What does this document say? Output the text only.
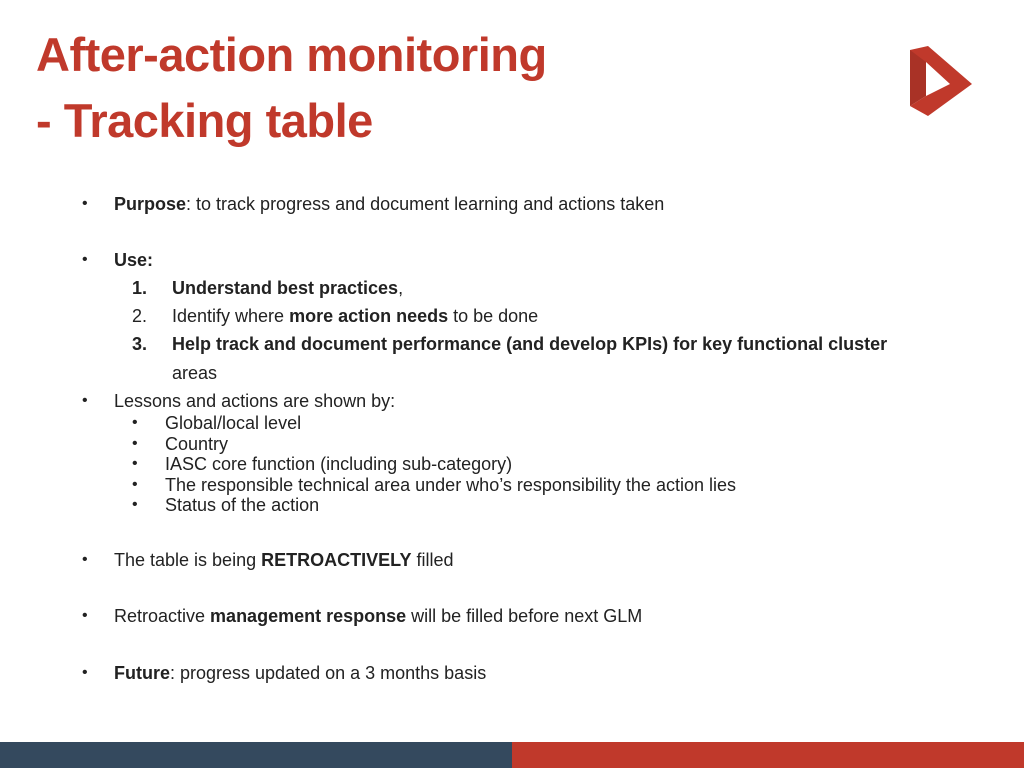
After-action monitoring
- Tracking table
• Purpose: to track progress and document learning and actions taken
• Use:
1. Understand best practices,
2. Identify where more action needs to be done
3. Help track and document performance (and develop KPIs) for key functional cluster
areas
• Lessons and actions are shown by:
• Global/local level
• Country
• IASC core function (including sub-category)
• The responsible technical area under who’s responsibility the action lies
• Status of the action
• The table is being RETROACTIVELY filled
• Retroactive management response will be filled before next GLM
• Future: progress updated on a 3 months basis
